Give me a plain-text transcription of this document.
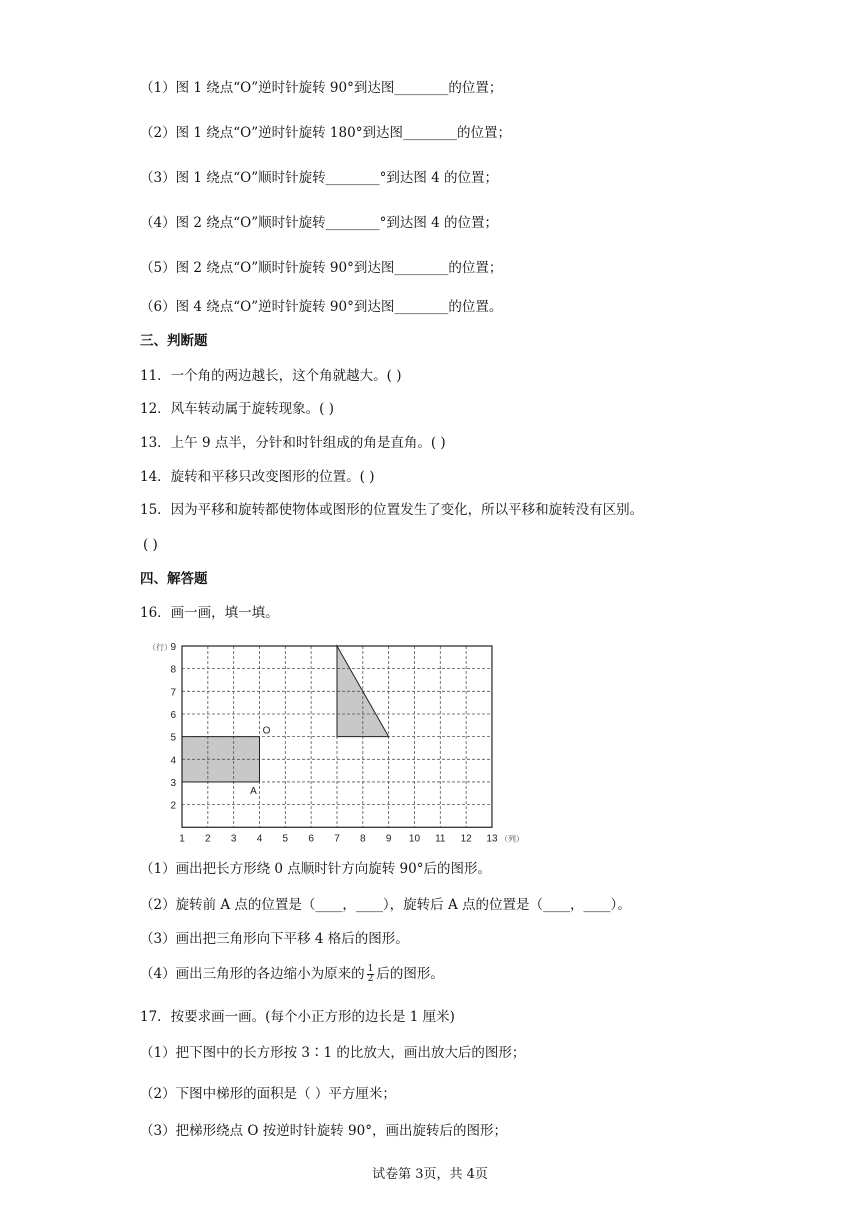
（1）图 1 绕点“O”逆时针旋转 90°到达图________的位置；
（2）图 1 绕点“O”逆时针旋转 180°到达图________的位置；
（3）图 1 绕点“O”顺时针旋转________°到达图 4 的位置；
（4）图 2 绕点“O”顺时针旋转________°到达图 4 的位置；
（5）图 2 绕点“O”顺时针旋转 90°到达图________的位置；
（6）图 4 绕点“O”逆时针旋转 90°到达图________的位置。
三、判断题
11．一个角的两边越长，这个角就越大。( )
12．风车转动属于旋转现象。( )
13．上午 9 点半，分针和时针组成的角是直角。( )
14．旋转和平移只改变图形的位置。( )
15．因为平移和旋转都使物体或图形的位置发生了变化，所以平移和旋转没有区别。
( )
四、解答题
16．画一画，填一填。
1 2 3 4 5 6 7 8 9 10 11 12 13
2
3
4
5
6
7
8
9
（行）
（列）
O
A
（1）画出把长方形绕 0 点顺时针方向旋转 90°后的图形。
（2）旋转前 A 点的位置是（____，____），旋转后 A 点的位置是（____，____）。
（3）画出把三角形向下平移 4 格后的图形。
（4）画出三角形的各边缩小为原来的 $\frac{1}{2}$ 后的图形。
17．按要求画一画。(每个小正方形的边长是 1 厘米)
（1）把下图中的长方形按 3∶1 的比放大，画出放大后的图形；
（2）下图中梯形的面积是（ ）平方厘米；
（3）把梯形绕点 O 按逆时针旋转 90°，画出旋转后的图形；
试卷第 3页，共 4页
